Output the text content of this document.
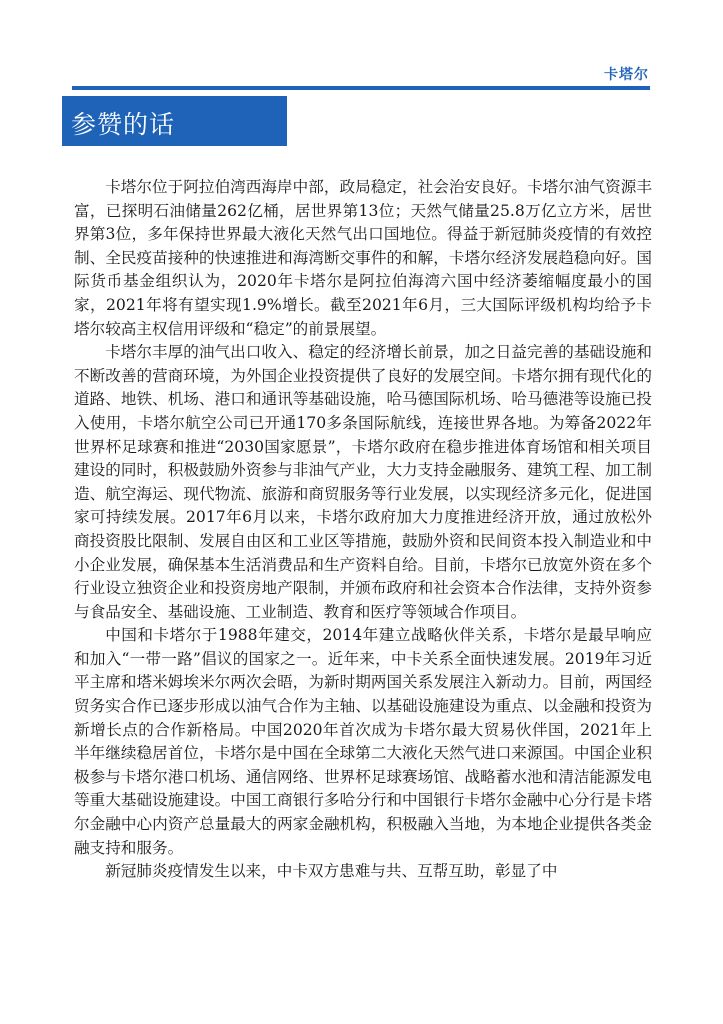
卡塔尔
参赞的话

卡塔尔位于阿拉伯湾西海岸中部，政局稳定，社会治安良好。卡塔尔油气资源丰富，已探明石油储量262亿桶，居世界第13位；天然气储量25.8万亿立方米，居世界第3位，多年保持世界最大液化天然气出口国地位。得益于新冠肺炎疫情的有效控制、全民疫苗接种的快速推进和海湾断交事件的和解，卡塔尔经济发展趋稳向好。国际货币基金组织认为，2020年卡塔尔是阿拉伯海湾六国中经济萎缩幅度最小的国家，2021年将有望实现1.9%增长。截至2021年6月，三大国际评级机构均给予卡塔尔较高主权信用评级和“稳定”的前景展望。

卡塔尔丰厚的油气出口收入、稳定的经济增长前景，加之日益完善的基础设施和不断改善的营商环境，为外国企业投资提供了良好的发展空间。卡塔尔拥有现代化的道路、地铁、机场、港口和通讯等基础设施，哈马德国际机场、哈马德港等设施已投入使用，卡塔尔航空公司已开通170多条国际航线，连接世界各地。为筹备2022年世界杯足球赛和推进“2030国家愿景”，卡塔尔政府在稳步推进体育场馆和相关项目建设的同时，积极鼓励外资参与非油气产业，大力支持金融服务、建筑工程、加工制造、航空海运、现代物流、旅游和商贸服务等行业发展，以实现经济多元化，促进国家可持续发展。2017年6月以来，卡塔尔政府加大力度推进经济开放，通过放松外商投资股比限制、发展自由区和工业区等措施，鼓励外资和民间资本投入制造业和中小企业发展，确保基本生活消费品和生产资料自给。目前，卡塔尔已放宽外资在多个行业设立独资企业和投资房地产限制，并颁布政府和社会资本合作法律，支持外资参与食品安全、基础设施、工业制造、教育和医疗等领域合作项目。

中国和卡塔尔于1988年建交，2014年建立战略伙伴关系，卡塔尔是最早响应和加入“一带一路”倡议的国家之一。近年来，中卡关系全面快速发展。2019年习近平主席和塔米姆埃米尔两次会晤，为新时期两国关系发展注入新动力。目前，两国经贸务实合作已逐步形成以油气合作为主轴、以基础设施建设为重点、以金融和投资为新增长点的合作新格局。中国2020年首次成为卡塔尔最大贸易伙伴国，2021年上半年继续稳居首位，卡塔尔是中国在全球第二大液化天然气进口来源国。中国企业积极参与卡塔尔港口机场、通信网络、世界杯足球赛场馆、战略蓄水池和清洁能源发电等重大基础设施建设。中国工商银行多哈分行和中国银行卡塔尔金融中心分行是卡塔尔金融中心内资产总量最大的两家金融机构，积极融入当地，为本地企业提供各类金融支持和服务。

新冠肺炎疫情发生以来，中卡双方患难与共、互帮互助，彰显了中
